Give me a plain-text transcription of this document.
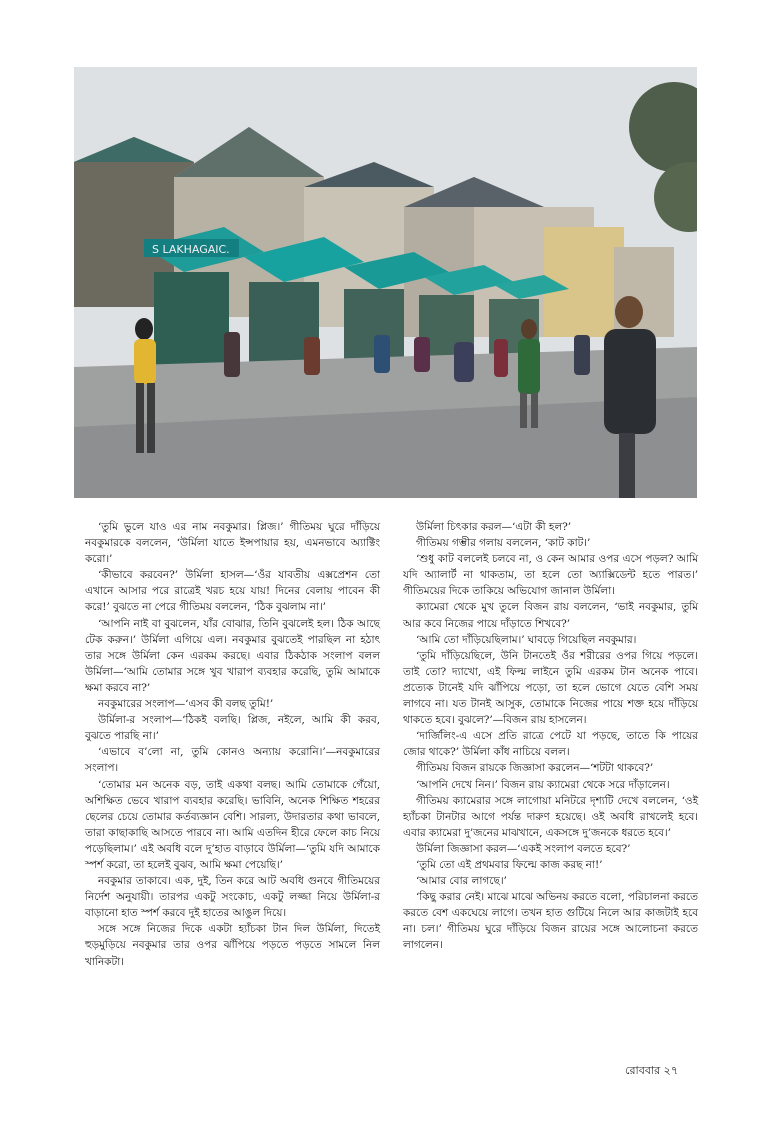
S LAKHAGAIC.

‘তুমি ভুলে যাও এর নাম নবকুমার। প্লিজ।’ গীতিময় ঘুরে দাঁড়িয়ে নবকুমারকে বললেন, ‘উর্মিলা যাতে ইন্সপায়ার হয়, এমনভাবে অ্যাক্টিং করো।’

‘কীভাবে করবেন?’ উর্মিলা হাসল—‘ওঁর যাবতীয় এক্সপ্রেশন তো এখানে আসার পরে রাত্রেই খরচ হয়ে যায়! দিনের বেলায় পাবেন কী করে!’ বুঝতে না পেরে গীতিময় বললেন, ‘ঠিক বুঝলাম না।’

‘আপনি নাই বা বুঝলেন, যাঁর বোঝার, তিনি বুঝলেই হল। ঠিক আছে টেক করুন।’ উর্মিলা এগিয়ে এল। নবকুমার বুঝতেই পারছিল না হঠাৎ তার সঙ্গে উর্মিলা কেন এরকম করছে। এবার ঠিকঠাক সংলাপ বলল উর্মিলা—‘আমি তোমার সঙ্গে খুব খারাপ ব্যবহার করেছি, তুমি আমাকে ক্ষমা করবে না?’

নবকুমারের সংলাপ—‘এসব কী বলছ তুমি!’

উর্মিলা-র সংলাপ—‘ঠিকই বলছি। প্লিজ, নইলে, আমি কী করব, বুঝতে পারছি না।’

‘এভাবে ব’লো না, তুমি কোনও অন্যায় করোনি।’—নবকুমারের সংলাপ।

‘তোমার মন অনেক বড়, তাই একথা বলছ। আমি তোমাকে গেঁয়ো, অশিক্ষিত ভেবে খারাপ ব্যবহার করেছি। ভাবিনি, অনেক শিক্ষিত শহরের ছেলের চেয়ে তোমার কর্তব্যজ্ঞান বেশি। সারল্য, উদারতার কথা ভাবলে, তারা কাছাকাছি আসতে পারবে না। আমি এতদিন হীরে ফেলে কাচ নিয়ে পড়েছিলাম।’ এই অবধি বলে দু’হাত বাড়াবে উর্মিলা—‘তুমি যদি আমাকে স্পর্শ করো, তা হলেই বুঝব, আমি ক্ষমা পেয়েছি।’

নবকুমার তাকাবে। এক, দুই, তিন করে আট অবধি গুনবে গীতিময়ের নির্দেশ অনুযায়ী। তারপর একটু সংকোচ, একটু লজ্জা নিয়ে উর্মিলা-র বাড়ানো হাত স্পর্শ করবে দুই হাতের আঙুল দিয়ে।

সঙ্গে সঙ্গে নিজের দিকে একটা হ্যাঁচকা টান দিল উর্মিলা, দিতেই হুড়মুড়িয়ে নবকুমার তার ওপর ঝাঁপিয়ে পড়তে পড়তে সামলে নিল খানিকটা।

উর্মিলা চিৎকার করল—‘এটা কী হল?’

গীতিময় গম্ভীর গলায় বললেন, ‘কাট কাট।’

‘শুধু কাট বললেই চলবে না, ও কেন আমার ওপর এসে পড়ল? আমি যদি অ্যালার্ট না থাকতাম, তা হলে তো অ্যাক্সিডেন্ট হতে পারত।’ গীতিময়ের দিকে তাকিয়ে অভিযোগ জানাল উর্মিলা।

ক্যামেরা থেকে মুখ তুলে বিজন রায় বললেন, ‘ভাই নবকুমার, তুমি আর কবে নিজের পায়ে দাঁড়াতে শিখবে?’

‘আমি তো দাঁড়িয়েছিলাম।’ ঘাবড়ে গিয়েছিল নবকুমার।

‘তুমি দাঁড়িয়েছিলে, উনি টানতেই ওঁর শরীরের ওপর গিয়ে পড়লে। তাই তো? দ্যাখো, এই ফিল্ম লাইনে তুমি এরকম টান অনেক পাবে। প্রত্যেক টানেই যদি ঝাঁপিয়ে পড়ো, তা হলে ভোগে যেতে বেশি সময় লাগবে না। যত টানই আসুক, তোমাকে নিজের পায়ে শক্ত হয়ে দাঁড়িয়ে থাকতে হবে। বুঝলে?’—বিজন রায় হাসলেন।

‘দার্জিলিং-এ এসে প্রতি রাত্রে পেটে যা পড়ছে, তাতে কি পায়ের জোর থাকে?’ উর্মিলা কাঁধ নাচিয়ে বলল।

গীতিময় বিজন রায়কে জিজ্ঞাসা করলেন—‘শটটা থাকবে?’

‘আপনি দেখে নিন।’ বিজন রায় ক্যামেরা থেকে সরে দাঁড়ালেন।

গীতিময় ক্যামেরার সঙ্গে লাগোয়া মনিটরে দৃশ্যটি দেখে বললেন, ‘ওই হ্যাঁচকা টানটার আগে পর্যন্ত দারুণ হয়েছে। ওই অবধি রাখলেই হবে। এবার ক্যামেরা দু’জনের মাঝখানে, একসঙ্গে দু’জনকে ধরতে হবে।’

উর্মিলা জিজ্ঞাসা করল—‘একই সংলাপ বলতে হবে?’

‘তুমি তো এই প্রথমবার ফিল্মে কাজ করছ না!’

‘আমার বোর লাগছে।’

‘কিছু করার নেই। মাঝে মাঝে অভিনয় করতে বলো, পরিচালনা করতে করতে বেশ একঘেয়ে লাগে। তখন হাত গুটিয়ে নিলে আর কাজটাই হবে না। চল।’ গীতিময় ঘুরে দাঁড়িয়ে বিজন রায়ের সঙ্গে আলোচনা করতে লাগলেন।

রোববার ২৭
